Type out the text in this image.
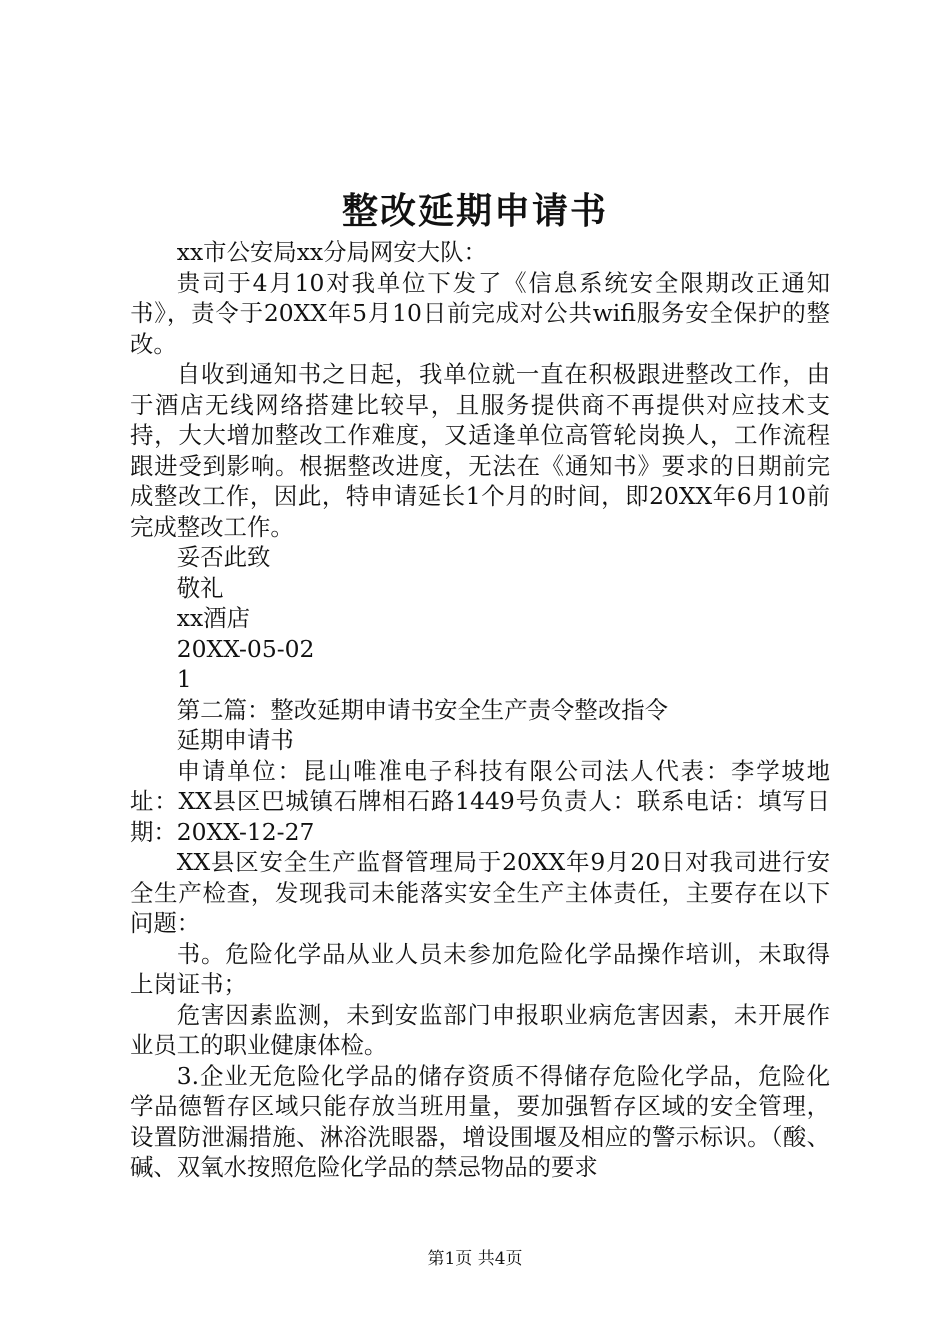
整改延期申请书

xx市公安局xx分局网安大队：

贵司于4月10对我单位下发了《信息系统安全限期改正通知书》，责令于20XX年5月10日前完成对公共wifi服务安全保护的整改。

自收到通知书之日起，我单位就一直在积极跟进整改工作，由于酒店无线网络搭建比较早，且服务提供商不再提供对应技术支持，大大增加整改工作难度，又适逢单位高管轮岗换人，工作流程跟进受到影响。根据整改进度，无法在《通知书》要求的日期前完成整改工作，因此，特申请延长1个月的时间，即20XX年6月10前完成整改工作。

妥否此致

敬礼

xx酒店

20XX-05-02

1

第二篇：整改延期申请书安全生产责令整改指令

延期申请书

申请单位：昆山唯准电子科技有限公司法人代表：李学坡地址：XX县区巴城镇石牌相石路1449号负责人：联系电话：填写日期：20XX-12-27

XX县区安全生产监督管理局于20XX年9月20日对我司进行安全生产检查，发现我司未能落实安全生产主体责任，主要存在以下问题：

书。危险化学品从业人员未参加危险化学品操作培训，未取得上岗证书；

危害因素监测，未到安监部门申报职业病危害因素，未开展作业员工的职业健康体检。

3.企业无危险化学品的储存资质不得储存危险化学品，危险化学品德暂存区域只能存放当班用量，要加强暂存区域的安全管理，设置防泄漏措施、淋浴洗眼器，增设围堰及相应的警示标识。（酸、碱、双氧水按照危险化学品的禁忌物品的要求

第1页 共4页
